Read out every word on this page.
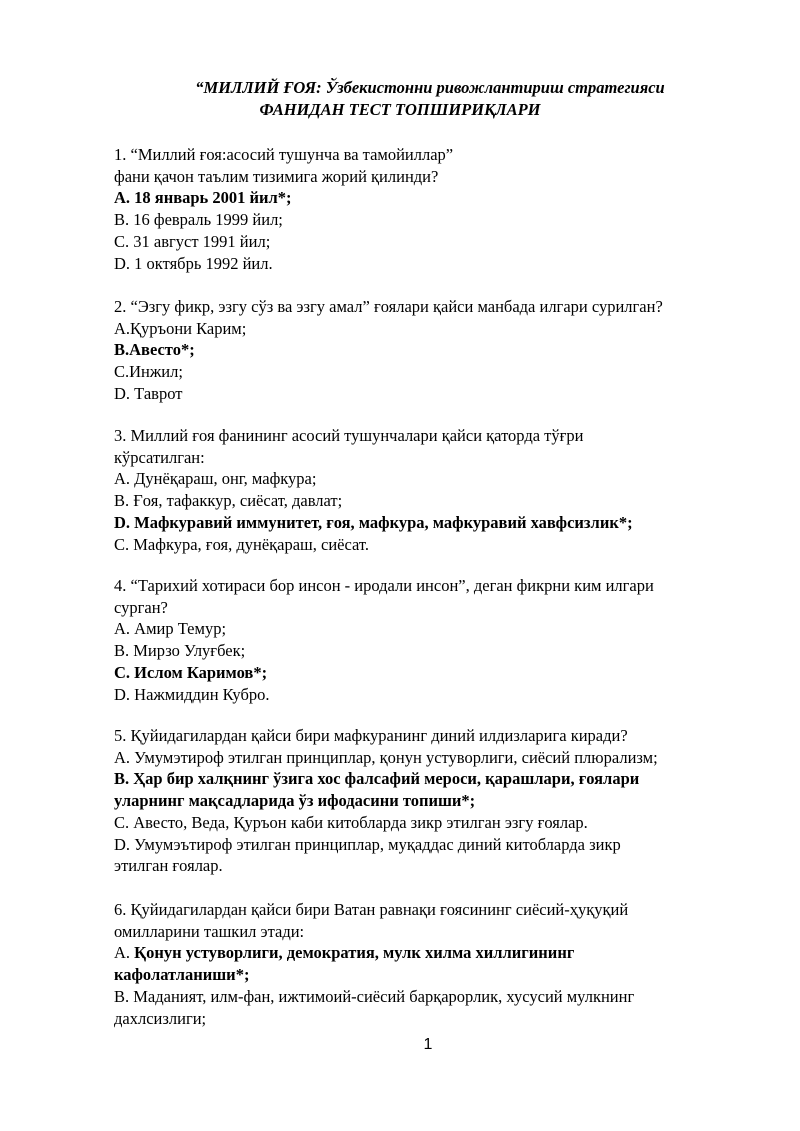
“МИЛЛИЙ ҒОЯ: Ўзбекистонни ривожлантириш стратегияси
ФАНИДАН ТЕСТ ТОПШИРИҚЛАРИ
1. “Миллий ғоя:асосий тушунча ва тамойиллар”
фани қачон таълим тизимига жорий қилинди?
A. 18 январь 2001 йил*;
B. 16 февраль 1999 йил;
C. 31 август 1991 йил;
D. 1 октябрь 1992 йил.
2. “Эзгу фикр, эзгу сўз ва эзгу амал” ғоялари қайси манбада илгари сурилган?
A.Қуръони Карим;
B.Авесто*;
C.Инжил;
D. Таврот
3. Миллий ғоя фанининг асосий тушунчалари қайси қаторда тўғри
кўрсатилган:
A. Дунёқараш, онг, мафкура;
B. Ғоя, тафаккур, сиёсат, давлат;
D. Мафкуравий иммунитет, ғоя, мафкура, мафкуравий хавфсизлик*;
C. Мафкура, ғоя, дунёқараш, сиёсат.
4. “Тарихий хотираси бор инсон - иродали инсон”, деган фикрни ким илгари
сурган?
A. Амир Темур;
B. Мирзо Улуғбек;
C. Ислом Каримов*;
D. Нажмиддин Кубро.
5. Қуйидагилардан қайси бири мафкуранинг диний илдизларига киради?
A. Умумэтироф этилган принциплар, қонун устуворлиги, сиёсий плюрализм;
B. Ҳар бир халқнинг ўзига хос фалсафий мероси, қарашлари, ғоялари
уларнинг мақсадларида ўз ифодасини топиши*;
C. Авесто, Веда, Қуръон каби китобларда зикр этилган эзгу ғоялар.
D. Умумэътироф этилган принциплар, муқаддас диний китобларда зикр
этилган ғоялар.
6. Қуйидагилардан қайси бири Ватан равнақи ғоясининг сиёсий-ҳуқуқий
омилларини ташкил этади:
A. Қонун устуворлиги, демократия, мулк хилма хиллигининг
кафолатланиши*;
B. Маданият, илм-фан, ижтимоий-сиёсий барқарорлик, хусусий мулкнинг
дахлсизлиги;
1
